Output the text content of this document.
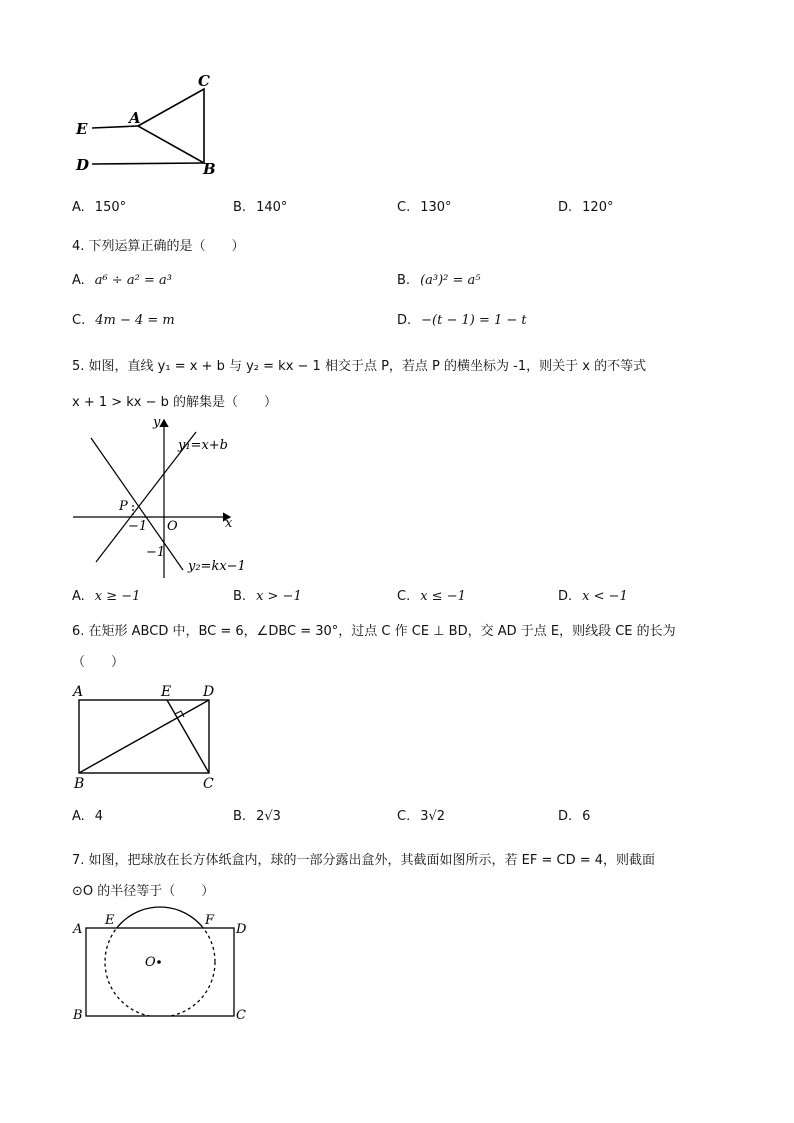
C
A
E
D	B
A. 150°	B. 140°	C. 130°	D. 120°
4. 下列运算正确的是（　　）
A. a⁶ ÷ a² = a³	B. (a³)² = a⁵
C. 4m − 4 = m	D. −(t − 1) = 1 − t
5. 如图，直线 y₁ = x + b 与 y₂ = kx − 1 相交于点 P，若点 P 的横坐标为 -1，则关于 x 的不等式
x + 1 > kx − b 的解集是（　　）
y
x
O
P
−1
−1
y₁=x+b
y₂=kx−1
A. x ≥ −1	B. x > −1	C. x ≤ −1	D. x < −1
6. 在矩形 ABCD 中，BC = 6，∠DBC = 30°，过点 C 作 CE ⊥ BD，交 AD 于点 E，则线段 CE 的长为
（　　）
A	E D
B	C
A. 4	B. 2√3	C. 3√2	D. 6
7. 如图，把球放在长方体纸盒内，球的一部分露出盒外，其截面如图所示，若 EF = CD = 4，则截面
⊙O 的半径等于（　　）
A
E	F
D
O
B	C
